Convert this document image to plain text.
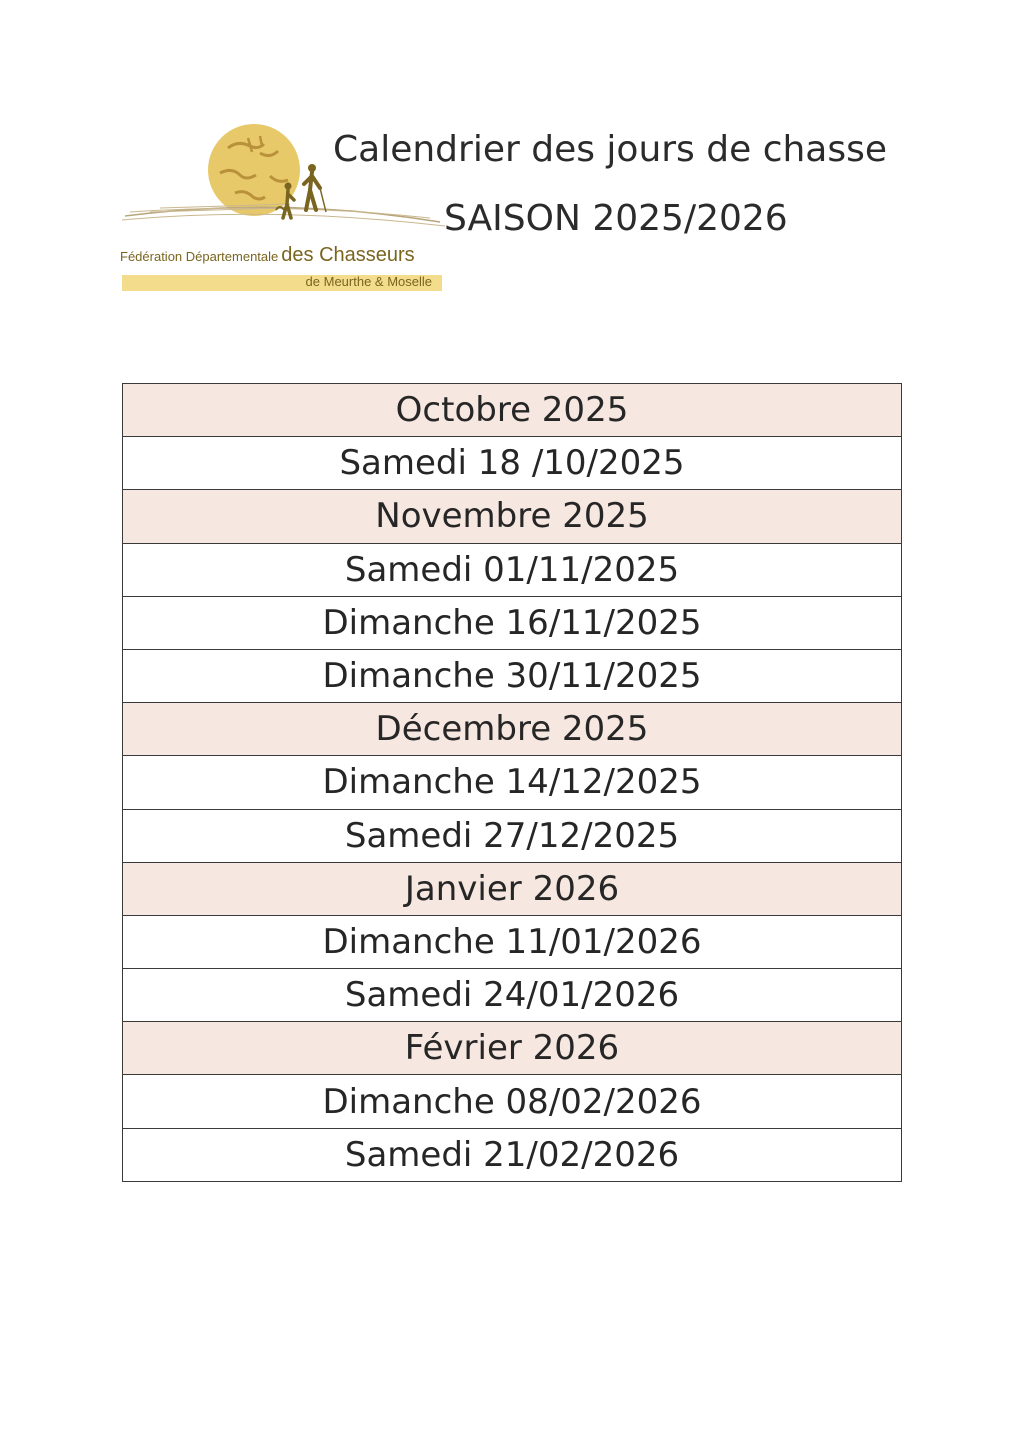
Fédération Départementale des Chasseurs
de Meurthe & Moselle
Calendrier des jours de chasse
SAISON 2025/2026
Octobre 2025
Samedi 18 /10/2025
Novembre 2025
Samedi 01/11/2025
Dimanche 16/11/2025
Dimanche 30/11/2025
Décembre 2025
Dimanche 14/12/2025
Samedi 27/12/2025
Janvier 2026
Dimanche 11/01/2026
Samedi 24/01/2026
Février 2026
Dimanche 08/02/2026
Samedi 21/02/2026
